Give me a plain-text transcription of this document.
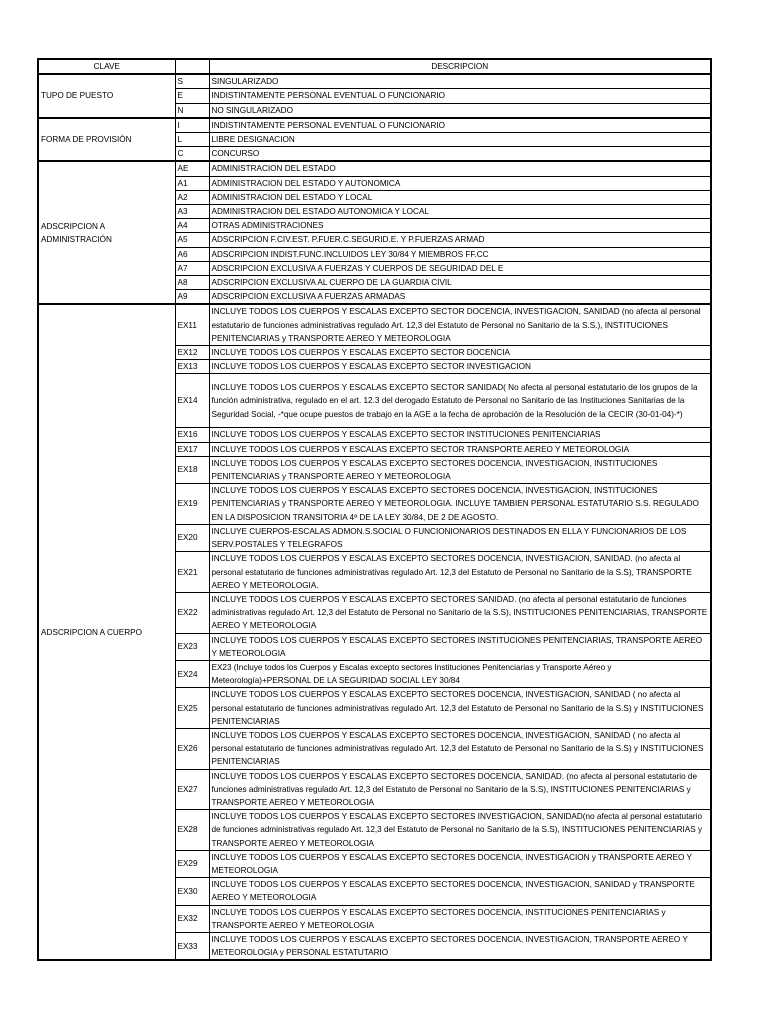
CLAVE		DESCRIPCION
TUPO DE PUESTO	S	SINGULARIZADO
	E	INDISTINTAMENTE PERSONAL EVENTUAL O FUNCIONARIO
	N	NO SINGULARIZADO
FORMA DE PROVISIÓN	I	INDISTINTAMENTE PERSONAL EVENTUAL O FUNCIONARIO
	L	LIBRE DESIGNACION
	C	CONCURSO
ADSCRIPCION A ADMINISTRACIÓN	AE	ADMINISTRACION DEL ESTADO
	A1	ADMINISTRACION DEL ESTADO Y AUTONOMICA
	A2	ADMINISTRACION DEL ESTADO Y LOCAL
	A3	ADMINISTRACION DEL ESTADO AUTONOMICA Y LOCAL
	A4	OTRAS ADMINISTRACIONES
	A5	ADSCRIPCION F.CIV.EST. P.FUER.C.SEGURID.E. Y P.FUERZAS ARMAD
	A6	ADSCRIPCION INDIST.FUNC.INCLUIDOS LEY 30/84 Y MIEMBROS FF.CC
	A7	ADSCRIPCION EXCLUSIVA A FUERZAS Y CUERPOS DE SEGURIDAD DEL E
	A8	ADSCRIPCION EXCLUSIVA AL CUERPO DE LA GUARDIA CIVIL
	A9	ADSCRIPCION EXCLUSIVA A FUERZAS ARMADAS
ADSCRIPCION A CUERPO	EX11	INCLUYE TODOS LOS CUERPOS Y ESCALAS EXCEPTO SECTOR DOCENCIA, INVESTIGACION, SANIDAD (no afecta al personal estatutario de funciones administrativas regulado Art. 12,3 del Estatuto de Personal no Sanitario de la S.S.), INSTITUCIONES PENITENCIARIAS y TRANSPORTE AEREO Y METEOROLOGIA
	EX12	INCLUYE TODOS LOS CUERPOS Y ESCALAS EXCEPTO SECTOR DOCENCIA
	EX13	INCLUYE TODOS LOS CUERPOS Y ESCALAS EXCEPTO SECTOR INVESTIGACION
	EX14	INCLUYE TODOS LOS CUERPOS Y ESCALAS EXCEPTO SECTOR SANIDAD( No afecta al personal estatutario de los grupos de la función administrativa, regulado en el art. 12.3 del derogado Estatuto de Personal no Sanitario de las Instituciones Sanitarias de la Seguridad Social, -*que ocupe puestos de trabajo en la AGE a la fecha de aprobación de la Resolución de la CECIR (30-01-04)-*)
	EX16	INCLUYE TODOS LOS CUERPOS Y ESCALAS EXCEPTO SECTOR INSTITUCIONES PENITENCIARIAS
	EX17	INCLUYE TODOS LOS CUERPOS Y ESCALAS EXCEPTO SECTOR TRANSPORTE AEREO Y METEOROLOGIA
	EX18	INCLUYE TODOS LOS CUERPOS Y ESCALAS EXCEPTO SECTORES DOCENCIA, INVESTIGACION, INSTITUCIONES PENITENCIARIAS y TRANSPORTE AEREO Y METEOROLOGIA
	EX19	INCLUYE TODOS LOS CUERPOS Y ESCALAS EXCEPTO SECTORES DOCENCIA, INVESTIGACION, INSTITUCIONES PENITENCIARIAS y TRANSPORTE AEREO Y METEOROLOGIA. INCLUYE TAMBIEN PERSONAL ESTATUTARIO S.S. REGULADO EN LA DISPOSICION TRANSITORIA 4ª DE LA LEY 30/84, DE 2 DE AGOSTO.
	EX20	INCLUYE CUERPOS-ESCALAS ADMON.S.SOCIAL O FUNCIONIONARIOS DESTINADOS EN ELLA Y FUNCIONARIOS DE LOS SERV.POSTALES Y TELEGRAFOS
	EX21	INCLUYE TODOS LOS CUERPOS Y ESCALAS EXCEPTO SECTORES DOCENCIA, INVESTIGACION, SANIDAD. (no afecta al personal estatutario de funciones administrativas regulado Art. 12,3 del Estatuto de Personal no Sanitario de la S.S), TRANSPORTE AEREO Y METEOROLOGIA.
	EX22	INCLUYE TODOS LOS CUERPOS Y ESCALAS EXCEPTO SECTORES SANIDAD. (no afecta al personal estatutario de funciones administrativas regulado Art. 12,3 del Estatuto de Personal no Sanitario de la S.S), INSTITUCIONES PENITENCIARIAS, TRANSPORTE AEREO Y METEOROLOGIA
	EX23	INCLUYE TODOS LOS CUERPOS Y ESCALAS EXCEPTO SECTORES INSTITUCIONES PENITENCIARIAS, TRANSPORTE AEREO Y METEOROLOGIA
	EX24	EX23 (Incluye todos los Cuerpos y Escalas excepto sectores Instituciones Penitenciarias y Transporte Aéreo y Meteorología)+PERSONAL DE LA SEGURIDAD SOCIAL LEY 30/84
	EX25	INCLUYE TODOS LOS CUERPOS Y ESCALAS EXCEPTO SECTORES DOCENCIA, INVESTIGACION, SANIDAD ( no afecta al personal estatutario de funciones administrativas regulado Art. 12,3 del Estatuto de Personal no Sanitario de la S.S) y INSTITUCIONES PENITENCIARIAS
	EX26	INCLUYE TODOS LOS CUERPOS Y ESCALAS EXCEPTO SECTORES DOCENCIA, INVESTIGACION, SANIDAD ( no afecta al personal estatutario de funciones administrativas regulado Art. 12,3 del Estatuto de Personal no Sanitario de la S.S) y INSTITUCIONES PENITENCIARIAS
	EX27	INCLUYE TODOS LOS CUERPOS Y ESCALAS EXCEPTO SECTORES DOCENCIA, SANIDAD. (no afecta al personal estatutario de funciones administrativas regulado Art. 12,3 del Estatuto de Personal no Sanitario de la S.S), INSTITUCIONES PENITENCIARIAS y TRANSPORTE AEREO Y METEOROLOGIA
	EX28	INCLUYE TODOS LOS CUERPOS Y ESCALAS EXCEPTO SECTORES INVESTIGACION, SANIDAD(no afecta al personal estatutario de funciones administrativas regulado Art. 12,3 del Estatuto de Personal no Sanitario de la S.S), INSTITUCIONES PENITENCIARIAS y TRANSPORTE AEREO Y METEOROLOGIA
	EX29	INCLUYE TODOS LOS CUERPOS Y ESCALAS EXCEPTO SECTORES DOCENCIA, INVESTIGACION y TRANSPORTE AEREO Y METEOROLOGIA
	EX30	INCLUYE TODOS LOS CUERPOS Y ESCALAS EXCEPTO SECTORES DOCENCIA, INVESTIGACION, SANIDAD y TRANSPORTE AEREO Y METEOROLOGIA
	EX32	INCLUYE TODOS LOS CUERPOS Y ESCALAS EXCEPTO SECTORES DOCENCIA, INSTITUCIONES PENITENCIARIAS y TRANSPORTE AEREO Y METEOROLOGIA
	EX33	INCLUYE TODOS LOS CUERPOS Y ESCALAS EXCEPTO SECTORES DOCENCIA, INVESTIGACION, TRANSPORTE AEREO Y METEOROLOGIA y PERSONAL ESTATUTARIO
